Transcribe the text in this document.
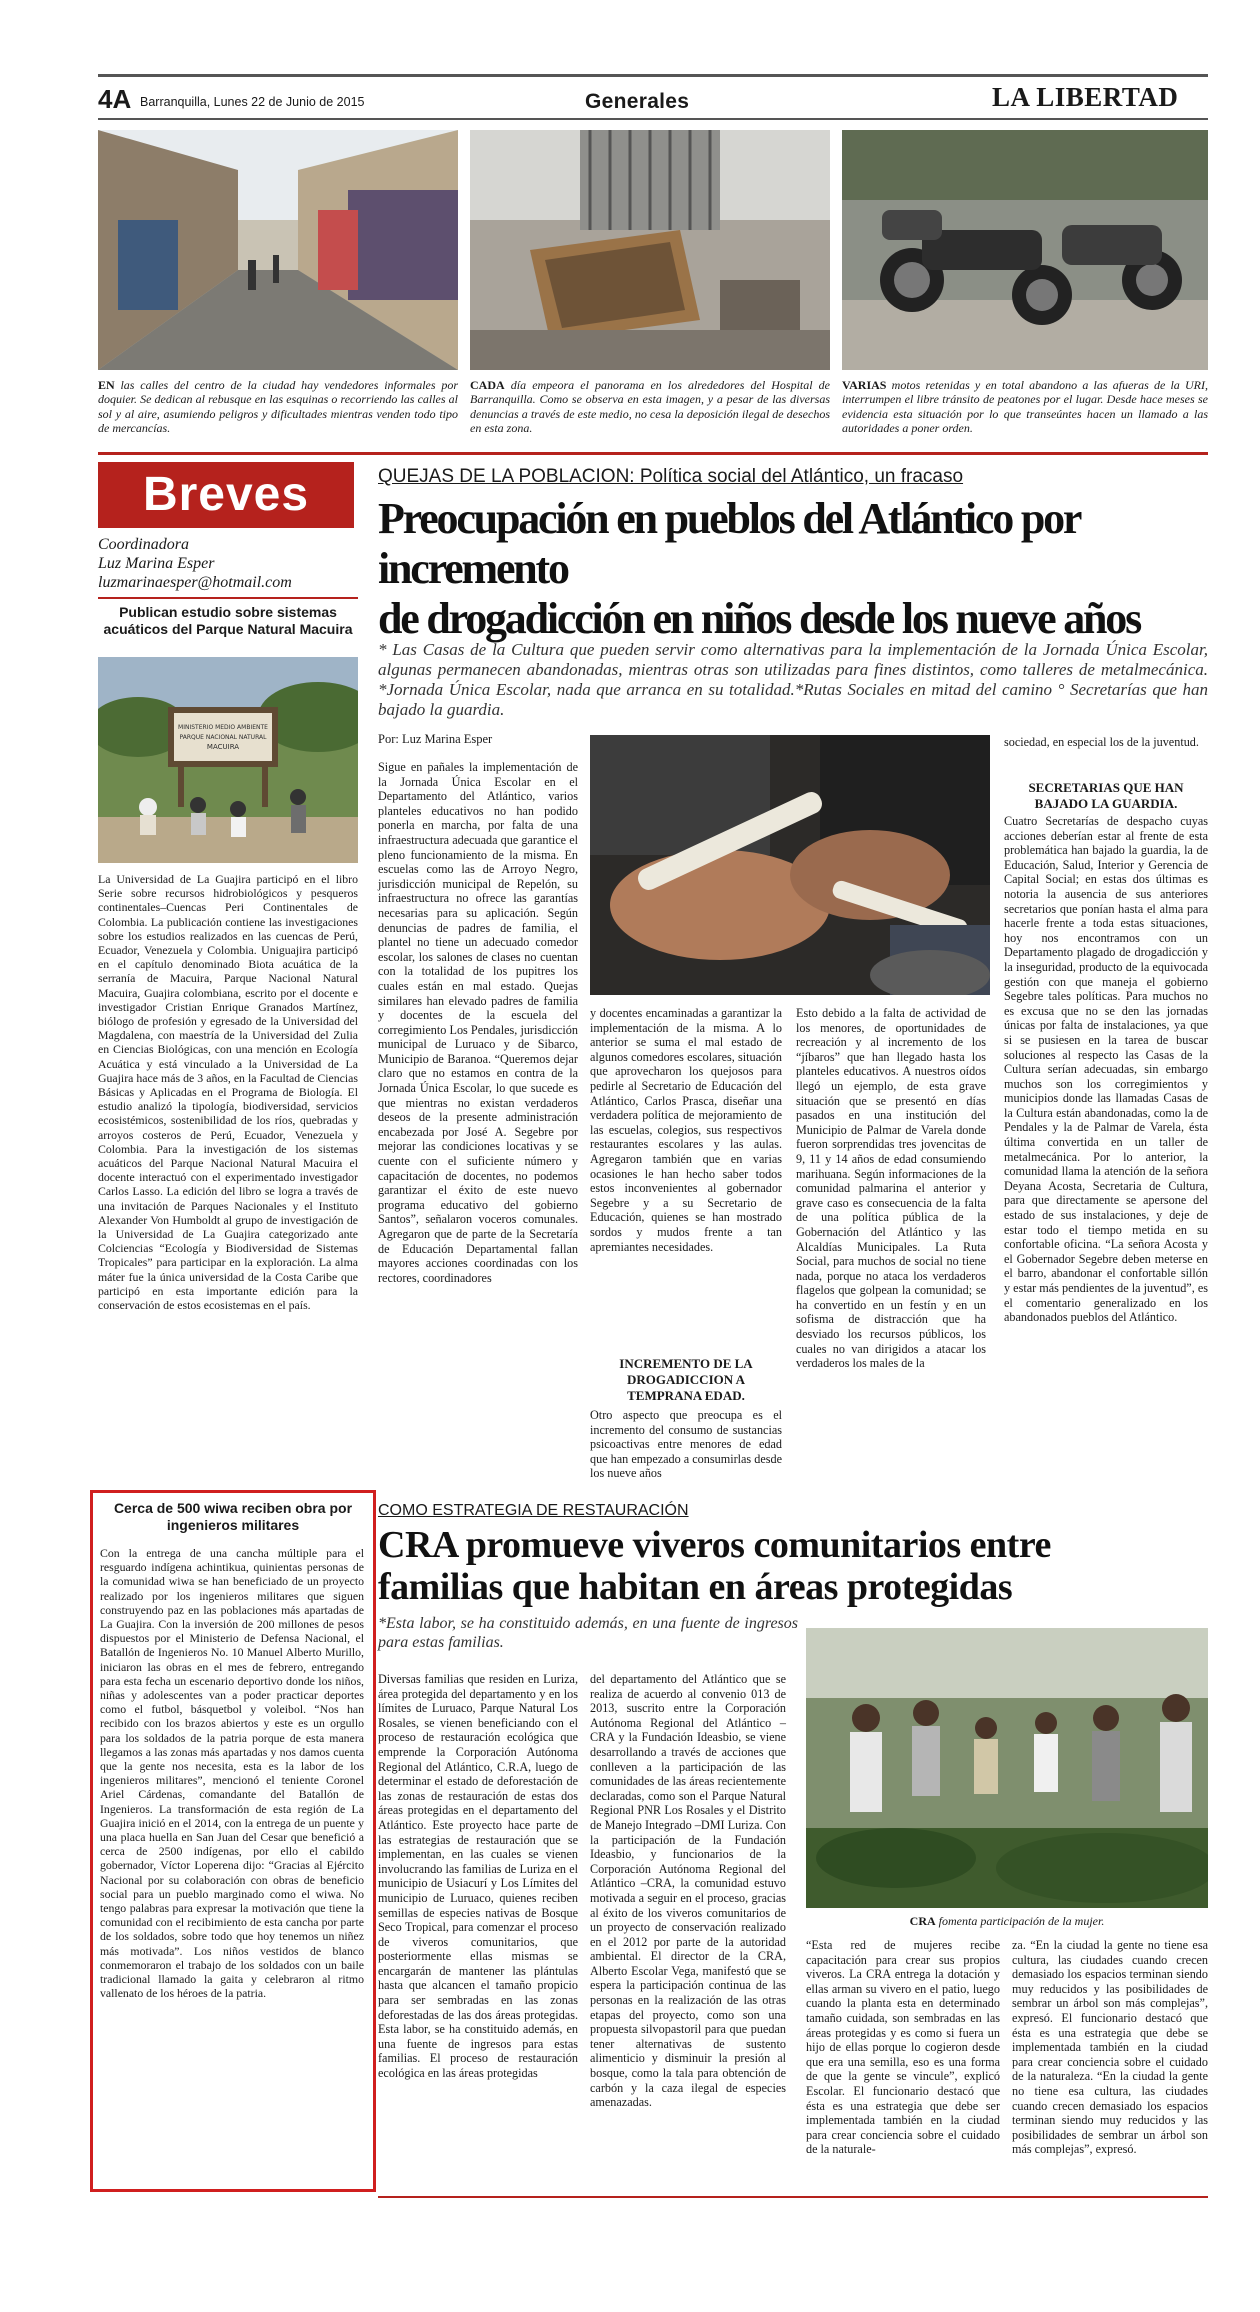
4A Barranquilla, Lunes 22 de Junio de 2015	Generales	LA LIBERTAD
EN las calles del centro de la ciudad hay vendedores informales por doquier. Se dedican al rebusque en las esquinas o recorriendo las calles al sol y al aire, asumiendo peligros y dificultades mientras venden todo tipo de mercancías.
CADA día empeora el panorama en los alrededores del Hospital de Barranquilla. Como se observa en esta imagen, y a pesar de las diversas denuncias a través de este medio, no cesa la deposición ilegal de desechos en esta zona.
VARIAS motos retenidas y en total abandono a las afueras de la URI, interrumpen el libre tránsito de peatones por el lugar. Desde hace meses se evidencia esta situación por lo que transeúntes hacen un llamado a las autoridades a poner orden.
Breves
Coordinadora
Luz Marina Esper
luzmarinaesper@hotmail.com
Publican estudio sobre sistemas acuáticos del Parque Natural Macuira
MINISTERIO MEDIO AMBIENTE
PARQUE NACIONAL NATURAL
MACUIRA
La Universidad de La Guajira participó en el libro Serie sobre recursos hidrobiológicos y pesqueros continentales–Cuencas Peri Continentales de Colombia. La publicación contiene las investigaciones sobre los estudios realizados en las cuencas de Perú, Ecuador, Venezuela y Colombia. Uniguajira participó en el capítulo denominado Biota acuática de la serranía de Macuira, Parque Nacional Natural Macuira, Guajira colombiana, escrito por el docente e investigador Cristian Enrique Granados Martínez, biólogo de profesión y egresado de la Universidad del Magdalena, con maestría de la Universidad del Zulia en Ciencias Biológicas, con una mención en Ecología Acuática y está vinculado a la Universidad de La Guajira hace más de 3 años, en la Facultad de Ciencias Básicas y Aplicadas en el Programa de Biología. El estudio analizó la tipología, biodiversidad, servicios ecosistémicos, sostenibilidad de los ríos, quebradas y arroyos costeros de Perú, Ecuador, Venezuela y Colombia. Para la investigación de los sistemas acuáticos del Parque Nacional Natural Macuira el docente interactuó con el experimentado investigador Carlos Lasso. La edición del libro se logra a través de una invitación de Parques Nacionales y el Instituto Alexander Von Humboldt al grupo de investigación de la Universidad de La Guajira categorizado ante Colciencias “Ecología y Biodiversidad de Sistemas Tropicales” para participar en la exploración. La alma máter fue la única universidad de la Costa Caribe que participó en esta importante edición para la conservación de estos ecosistemas en el país.
Cerca de 500 wiwa reciben obra por ingenieros militares
Con la entrega de una cancha múltiple para el resguardo indígena achintikua, quinientas personas de la comunidad wiwa se han beneficiado de un proyecto realizado por los ingenieros militares que siguen construyendo paz en las poblaciones más apartadas de La Guajira. Con la inversión de 200 millones de pesos dispuestos por el Ministerio de Defensa Nacional, el Batallón de Ingenieros No. 10 Manuel Alberto Murillo, iniciaron las obras en el mes de febrero, entregando para esta fecha un escenario deportivo donde los niños, niñas y adolescentes van a poder practicar deportes como el futbol, básquetbol y voleibol. “Nos han recibido con los brazos abiertos y este es un orgullo para los soldados de la patria porque de esta manera llegamos a las zonas más apartadas y nos damos cuenta que la gente nos necesita, esta es la labor de los ingenieros militares”, mencionó el teniente Coronel Ariel Cárdenas, comandante del Batallón de Ingenieros. La transformación de esta región de La Guajira inició en el 2014, con la entrega de un puente y una placa huella en San Juan del Cesar que benefició a cerca de 2500 indígenas, por ello el cabildo gobernador, Víctor Loperena dijo: “Gracias al Ejército Nacional por su colaboración con obras de beneficio social para un pueblo marginado como el wiwa. No tengo palabras para expresar la motivación que tiene la comunidad con el recibimiento de esta cancha por parte de los soldados, sobre todo que hoy tenemos un niñez más motivada”. Los niños vestidos de blanco conmemoraron el trabajo de los soldados con un baile tradicional llamado la gaita y celebraron al ritmo vallenato de los héroes de la patria.
QUEJAS DE LA POBLACION: Política social del Atlántico, un fracaso
Preocupación en pueblos del Atlántico por incremento
de drogadicción en niños desde los nueve años
* Las Casas de la Cultura que pueden servir como alternativas para la implementación de la Jornada Única Escolar, algunas permanecen abandonadas, mientras otras son utilizadas para fines distintos, como talleres de metalmecánica. *Jornada Única Escolar, nada que arranca en su totalidad.*Rutas Sociales en mitad del camino ° Secretarías que han bajado la guardia.
Por: Luz Marina Esper
Sigue en pañales la implementación de la Jornada Única Escolar en el Departamento del Atlántico, varios planteles educativos no han podido ponerla en marcha, por falta de una infraestructura adecuada que garantice el pleno funcionamiento de la misma. En escuelas como las de Arroyo Negro, jurisdicción municipal de Repelón, su infraestructura no ofrece las garantías necesarias para su aplicación. Según denuncias de padres de familia, el plantel no tiene un adecuado comedor escolar, los salones de clases no cuentan con la totalidad de los pupitres los cuales están en mal estado. Quejas similares han elevado padres de familia y docentes de la escuela del corregimiento Los Pendales, jurisdicción municipal de Luruaco y de Sibarco, Municipio de Baranoa. “Queremos dejar claro que no estamos en contra de la Jornada Única Escolar, lo que sucede es que mientras no existan verdaderos deseos de la presente administración encabezada por José A. Segebre por mejorar las condiciones locativas y se cuente con el suficiente número y capacitación de docentes, no podemos garantizar el éxito de este nuevo programa educativo del gobierno Santos”, señalaron voceros comunales. Agregaron que de parte de la Secretaría de Educación Departamental fallan mayores acciones coordinadas con los rectores, coordinadores
y docentes encaminadas a garantizar la implementación de la misma. A lo anterior se suma el mal estado de algunos comedores escolares, situación que aprovecharon los quejosos para pedirle al Secretario de Educación del Atlántico, Carlos Prasca, diseñar una verdadera política de mejoramiento de las escuelas, colegios, sus respectivos restaurantes escolares y las aulas. Agregaron también que en varias ocasiones le han hecho saber todos estos inconvenientes al gobernador Segebre y a su Secretario de Educación, quienes se han mostrado sordos y mudos frente a tan apremiantes necesidades.
INCREMENTO DE LA DROGADICCION A TEMPRANA EDAD.
Otro aspecto que preocupa es el incremento del consumo de sustancias psicoactivas entre menores de edad que han empezado a consumirlas desde los nueve años
Esto debido a la falta de actividad de los menores, de oportunidades de recreación y al incremento de los “jíbaros” que han llegado hasta los planteles educativos. A nuestros oídos llegó un ejemplo, de esta grave situación que se presentó en días pasados en una institución del Municipio de Palmar de Varela donde fueron sorprendidas tres jovencitas de 9, 11 y 14 años de edad consumiendo marihuana. Según informaciones de la comunidad palmarina el anterior y grave caso es consecuencia de la falta de una política pública de la Gobernación del Atlántico y las Alcaldías Municipales. La Ruta Social, para muchos de social no tiene nada, porque no ataca los verdaderos flagelos que golpean la comunidad; se ha convertido en un festín y en un sofisma de distracción que ha desviado los recursos públicos, los cuales no van dirigidos a atacar los verdaderos los males de la
sociedad, en especial los de la juventud.
SECRETARIAS QUE HAN BAJADO LA GUARDIA.
Cuatro Secretarías de despacho cuyas acciones deberían estar al frente de esta problemática han bajado la guardia, la de Educación, Salud, Interior y Gerencia de Capital Social; en estas dos últimas es notoria la ausencia de sus anteriores secretarios que ponían hasta el alma para hacerle frente a toda estas situaciones, hoy nos encontramos con un Departamento plagado de drogadicción y la inseguridad, producto de la equivocada gestión con que maneja el gobierno Segebre tales políticas. Para muchos no es excusa que no se den las jornadas únicas por falta de instalaciones, ya que si se pusiesen en la tarea de buscar soluciones al respecto las Casas de la Cultura serían adecuadas, sin embargo muchos son los corregimientos y municipios donde las llamadas Casas de la Cultura están abandonadas, como la de Pendales y la de Palmar de Varela, ésta última convertida en un taller de metalmecánica. Por lo anterior, la comunidad llama la atención de la señora Deyana Acosta, Secretaria de Cultura, para que directamente se apersone del estado de sus instalaciones, y deje de estar todo el tiempo metida en su confortable oficina. “La señora Acosta y el Gobernador Segebre deben meterse en el barro, abandonar el confortable sillón y estar más pendientes de la juventud”, es el comentario generalizado en los abandonados pueblos del Atlántico.
COMO ESTRATEGIA DE RESTAURACIÓN
CRA promueve viveros comunitarios entre
familias que habitan en áreas protegidas
*Esta labor, se ha constituido además, en una fuente de ingresos para estas familias.
Diversas familias que residen en Luriza, área protegida del departamento y en los límites de Luruaco, Parque Natural Los Rosales, se vienen beneficiando con el proceso de restauración ecológica que emprende la Corporación Autónoma Regional del Atlántico, C.R.A, luego de determinar el estado de deforestación de las zonas de restauración de estas dos áreas protegidas en el departamento del Atlántico. Este proyecto hace parte de las estrategias de restauración que se implementan, en las cuales se vienen involucrando las familias de Luriza en el municipio de Usiacurí y Los Límites del municipio de Luruaco, quienes reciben semillas de especies nativas de Bosque Seco Tropical, para comenzar el proceso de viveros comunitarios, que posteriormente ellas mismas se encargarán de mantener las plántulas hasta que alcancen el tamaño propicio para ser sembradas en las zonas deforestadas de las dos áreas protegidas. Esta labor, se ha constituido además, en una fuente de ingresos para estas familias. El proceso de restauración ecológica en las áreas protegidas
del departamento del Atlántico que se realiza de acuerdo al convenio 013 de 2013, suscrito entre la Corporación Autónoma Regional del Atlántico –CRA y la Fundación Ideasbio, se viene desarrollando a través de acciones que conlleven a la participación de las comunidades de las áreas recientemente declaradas, como son el Parque Natural Regional PNR Los Rosales y el Distrito de Manejo Integrado –DMI Luriza. Con la participación de la Fundación Ideasbio, y funcionarios de la Corporación Autónoma Regional del Atlántico –CRA, la comunidad estuvo motivada a seguir en el proceso, gracias al éxito de los viveros comunitarios de un proyecto de conservación realizado en el 2012 por parte de la autoridad ambiental. El director de la CRA, Alberto Escolar Vega, manifestó que se espera la participación continua de las personas en la realización de las otras etapas del proyecto, como son una propuesta silvopastoril para que puedan tener alternativas de sustento alimenticio y disminuir la presión al bosque, como la tala para obtención de carbón y la caza ilegal de especies amenazadas.
CRA fomenta participación de la mujer.
“Esta red de mujeres recibe capacitación para crear sus propios viveros. La CRA entrega la dotación y ellas arman su vivero en el patio, luego cuando la planta esta en determinado tamaño cuidada, son sembradas en las áreas protegidas y es como si fuera un hijo de ellas porque lo cogieron desde que era una semilla, eso es una forma de que la gente se vincule”, explicó Escolar. El funcionario destacó que ésta es una estrategia que debe ser implementada también en la ciudad para crear conciencia sobre el cuidado de la naturale-
za. “En la ciudad la gente no tiene esa cultura, las ciudades cuando crecen demasiado los espacios terminan siendo muy reducidos y las posibilidades de sembrar un árbol son más complejas”, expresó. El funcionario destacó que ésta es una estrategia que debe se implementada también en la ciudad para crear conciencia sobre el cuidado de la naturaleza. “En la ciudad la gente no tiene esa cultura, las ciudades cuando crecen demasiado los espacios terminan siendo muy reducidos y las posibilidades de sembrar un árbol son más complejas”, expresó.
